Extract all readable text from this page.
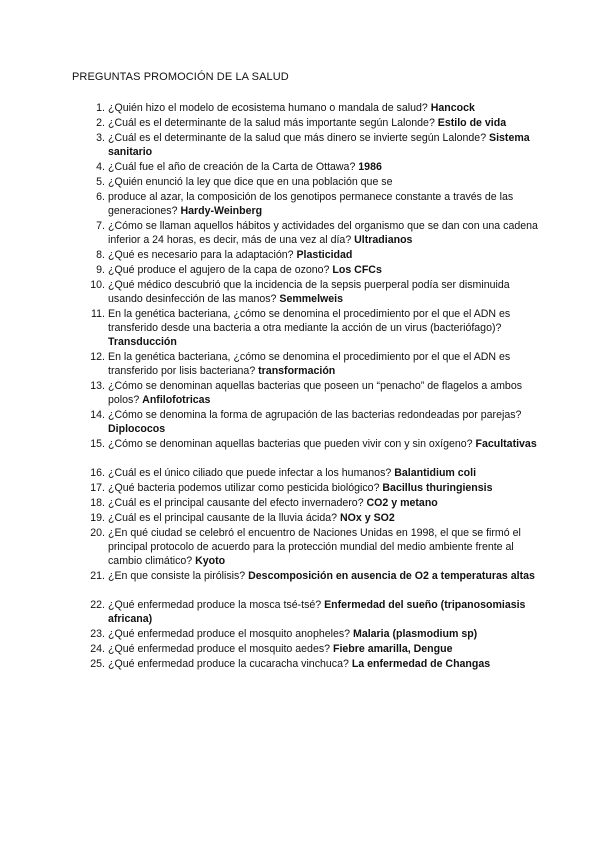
PREGUNTAS PROMOCIÓN DE LA SALUD
1. ¿Quién hizo el modelo de ecosistema humano o mandala de salud? Hancock
2. ¿Cuál es el determinante de la salud más importante según Lalonde? Estilo de vida
3. ¿Cuál es el determinante de la salud que más dinero se invierte según Lalonde? Sistema sanitario
4. ¿Cuál fue el año de creación de la Carta de Ottawa? 1986
5. ¿Quién enunció la ley que dice que en una población que se
6. produce al azar, la composición de los genotipos permanece constante a través de las generaciones? Hardy-Weinberg
7. ¿Cómo se llaman aquellos hábitos y actividades del organismo que se dan con una cadena inferior a 24 horas, es decir, más de una vez al día? Ultradianos
8. ¿Qué es necesario para la adaptación? Plasticidad
9. ¿Qué produce el agujero de la capa de ozono? Los CFCs
10. ¿Qué médico descubrió que la incidencia de la sepsis puerperal podía ser disminuida usando desinfección de las manos? Semmelweis
11. En la genética bacteriana, ¿cómo se denomina el procedimiento por el que el ADN es transferido desde una bacteria a otra mediante la acción de un virus (bacteriófago)? Transducción
12. En la genética bacteriana, ¿cómo se denomina el procedimiento por el que el ADN es transferido por lisis bacteriana? transformación
13. ¿Cómo se denominan aquellas bacterias que poseen un “penacho” de flagelos a ambos polos? Anfilofotricas
14. ¿Cómo se denomina la forma de agrupación de las bacterias redondeadas por parejas? Diplococos
15. ¿Cómo se denominan aquellas bacterias que pueden vivir con y sin oxígeno? Facultativas
16. ¿Cuál es el único ciliado que puede infectar a los humanos? Balantidium coli
17. ¿Qué bacteria podemos utilizar como pesticida biológico? Bacillus thuringiensis
18. ¿Cuál es el principal causante del efecto invernadero? CO2 y metano
19. ¿Cuál es el principal causante de la lluvia ácida? NOx y SO2
20. ¿En qué ciudad se celebró el encuentro de Naciones Unidas en 1998, el que se firmó el principal protocolo de acuerdo para la protección mundial del medio ambiente frente al cambio climático? Kyoto
21. ¿En que consiste la pirólisis? Descomposición en ausencia de O2 a temperaturas altas
22. ¿Qué enfermedad produce la mosca tsé-tsé? Enfermedad del sueño (tripanosomiasis africana)
23. ¿Qué enfermedad produce el mosquito anopheles? Malaria (plasmodium sp)
24. ¿Qué enfermedad produce el mosquito aedes? Fiebre amarilla, Dengue
25. ¿Qué enfermedad produce la cucaracha vinchuca? La enfermedad de Changas
